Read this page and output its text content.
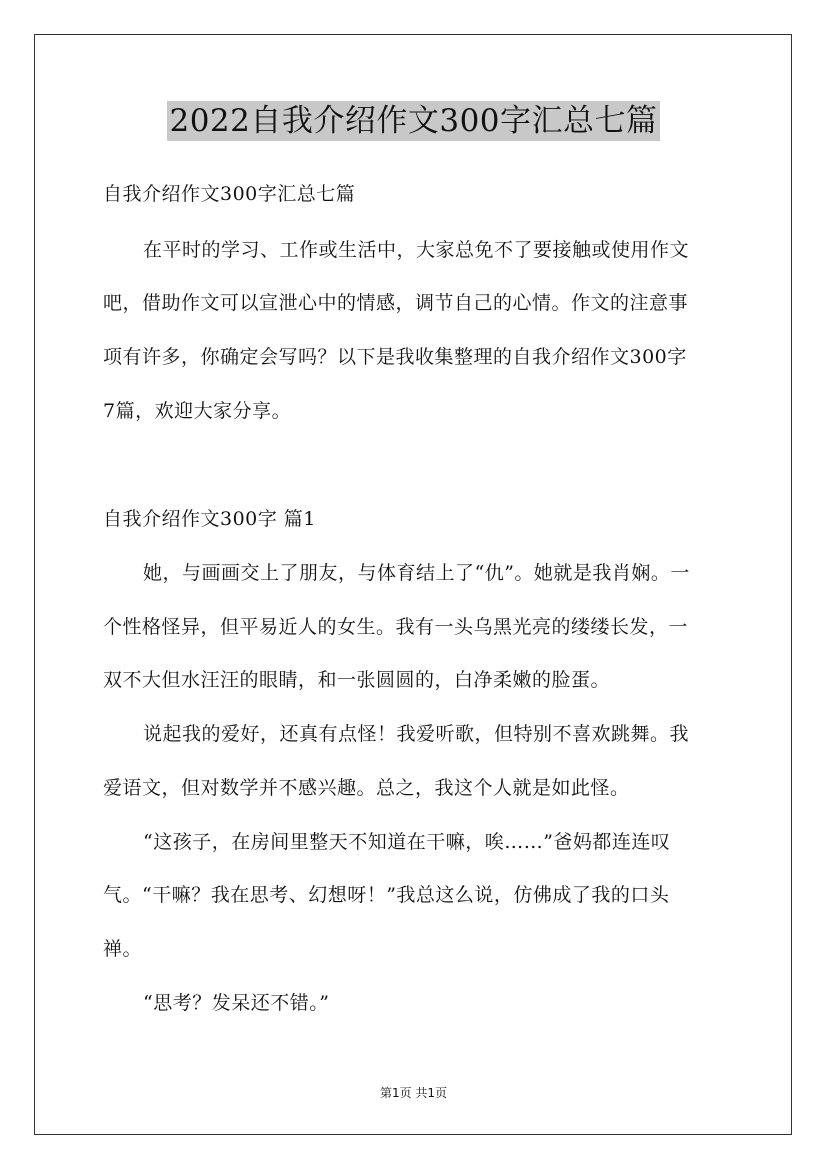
2022自我介绍作文300字汇总七篇
自我介绍作文300字汇总七篇
在平时的学习、工作或生活中，大家总免不了要接触或使用作文
吧，借助作文可以宣泄心中的情感，调节自己的心情。作文的注意事
项有许多，你确定会写吗？以下是我收集整理的自我介绍作文300字
7篇，欢迎大家分享。
自我介绍作文300字 篇1
她，与画画交上了朋友，与体育结上了“仇”。她就是我肖娴。一
个性格怪异，但平易近人的女生。我有一头乌黑光亮的缕缕长发，一
双不大但水汪汪的眼睛，和一张圆圆的，白净柔嫩的脸蛋。
说起我的爱好，还真有点怪！我爱听歌，但特别不喜欢跳舞。我
爱语文，但对数学并不感兴趣。总之，我这个人就是如此怪。
“这孩子，在房间里整天不知道在干嘛，唉……”爸妈都连连叹
气。“干嘛？我在思考、幻想呀！”我总这么说，仿佛成了我的口头
禅。
“思考？发呆还不错。”
第1页 共1页
